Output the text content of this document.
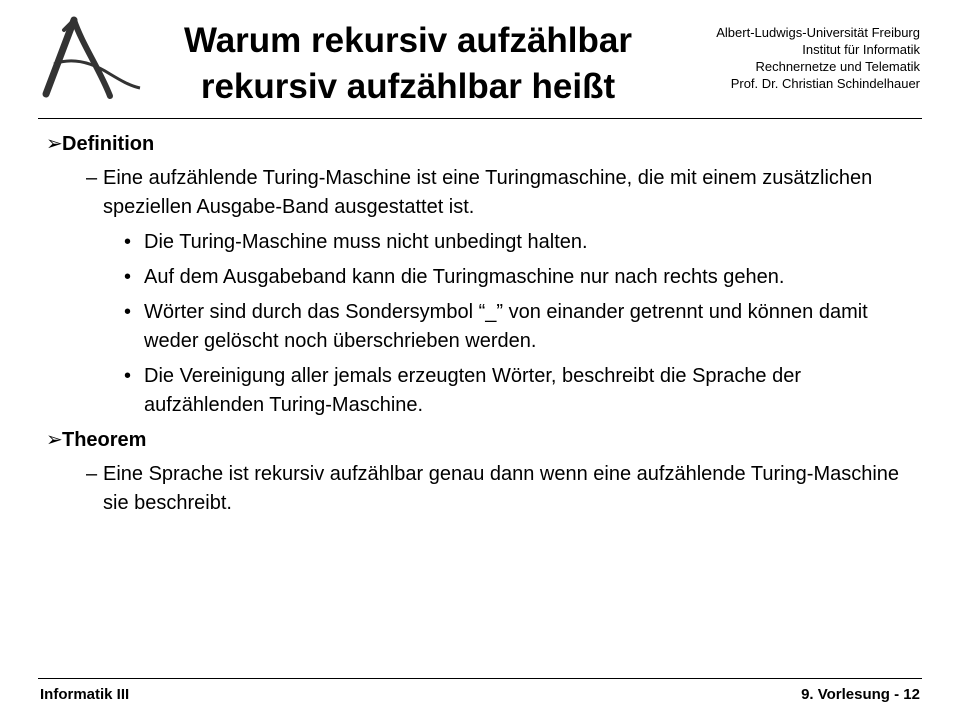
Warum rekursiv aufzählbar
rekursiv aufzählbar heißt
Albert-Ludwigs-Universität Freiburg
Institut für Informatik
Rechnernetze und Telematik
Prof. Dr. Christian Schindelhauer
➢Definition
– Eine aufzählende Turing-Maschine ist eine Turingmaschine, die mit einem zusätzlichen speziellen Ausgabe-Band ausgestattet ist.
• Die Turing-Maschine muss nicht unbedingt halten.
• Auf dem Ausgabeband kann die Turingmaschine nur nach rechts gehen.
• Wörter sind durch das Sondersymbol “_” von einander getrennt und können damit weder gelöscht noch überschrieben werden.
• Die Vereinigung aller jemals erzeugten Wörter, beschreibt die Sprache der aufzählenden Turing-Maschine.
➢Theorem
– Eine Sprache ist rekursiv aufzählbar genau dann wenn eine aufzählende Turing-Maschine sie beschreibt.
Informatik III	9. Vorlesung - 12
